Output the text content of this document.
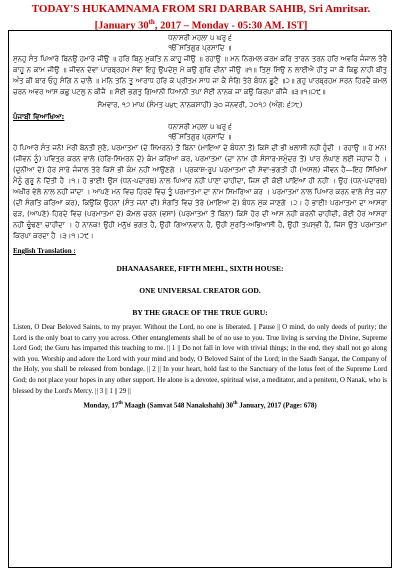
TODAY'S HUKAMNAMA FROM SRI DARBAR SAHIB, Sri Amritsar.
[January 30th, 2017 – Monday - 05:30 AM. IST]
ਧਨਾਸਰੀ ਮਹਲਾ ੫ ਘਰੁ ੬
ੴ ਸਤਿਗੁਰ ਪ੍ਰਸਾਦਿ ॥
ਸੁਨਹੁ ਸੰਤ ਪਿਆਰੇ ਬਿਨਉ ਹਮਾਰੇ ਜੀਉ ॥ ਹਰਿ ਬਿਨੁ ਮੁਕਤਿ ਨ ਕਾਹੂ ਜੀਉ ॥ ਰਹਾਉ ॥ ਮਨ ਨਿਰਮਲ ਕਰਮ ਕਰਿ ਤਾਰਨ ਤਰਨ ਹਰਿ ਅਵਰਿ ਜੰਜਾਲ ਤੇਰੈ ਕਾਹੂ ਨ ਕਾਮ ਜੀਉ ॥ ਜੀਵਨ ਦੇਵਾ ਪਾਰਬ੍ਰਹਮ ਸੇਵਾ ਇਹੁ ਉਪਦੇਸੁ ਮੋ ਕਉ ਗੁਰਿ ਦੀਨਾ ਜੀਉ ॥੧॥ ਤਿਸੁ ਸਿਉ ਨ ਲਾਈਐ ਹੀਤੁ ਜਾ ਕੋ ਕਿਛੁ ਨਾਹੀ ਬੀਤੁ ਅੰਤ ਕੀ ਬਾਰ ਓਹੁ ਸੰਗਿ ਨ ਚਾਲੈ ॥ ਮਨਿ ਤਨਿ ਤੂ ਆਰਾਧ ਹਰਿ ਕੇ ਪ੍ਰੀਤਮ ਸਾਧ ਜਾ ਕੈ ਸੰਗਿ ਤੇਰੇ ਬੰਧਨ ਛੂਟੈ ॥੨॥ ਗਹੁ ਪਾਰਬ੍ਰਹਮ ਸਰਨ ਹਿਰਦੈ ਕਮਲ ਚਰਨ ਅਵਰ ਆਸ ਕਛੁ ਪਟਲੁ ਨ ਕੀਜੈ ॥ ਸੋਈ ਭਗਤੁ ਗਿਆਨੀ ਧਿਆਨੀ ਤਪਾ ਸੋਈ ਨਾਨਕ ਜਾ ਕਉ ਕਿਰਪਾ ਕੀਜੈ ॥੩॥੧॥੨੯॥
ਸੋਮਵਾਰ, ੧੭ ਮਾਘ (ਸੰਮਤ ੫੪੮ ਨਾਨਕਸ਼ਾਹੀ) ੩੦ ਜਨਵਰੀ, ੨੦੧੭ (ਅੰਗ: ੬੭੮)
ਪੰਜਾਬੀ ਵਿਆਖਿਆ:
ਧਨਾਸਰੀ ਮਹਲਾ ੫ ਘਰੁ ੬
ੴ ਸਤਿਗੁਰ ਪ੍ਰਸਾਦਿ ॥
ਹੇ ਪਿਆਰੇ ਸੰਤ ਜਨੋ! ਮੇਰੀ ਬੇਨਤੀ ਸੁਣੋ, ਪਰਮਾਤਮਾ (ਦੇ ਸਿਮਰਨ) ਤੋਂ ਬਿਨਾ (ਮਾਇਆ ਦੇ ਬੰਧਨਾਂ ਤੋਂ) ਕਿਸੇ ਦੀ ਭੀ ਖ਼ਲਾਸੀ ਨਹੀਂ ਹੁੰਦੀ । ਰਹਾਉ ॥ ਹੇ ਮਨ! (ਜੀਵਨ ਨੂੰ) ਪਵਿਤ੍ਰ ਕਰਨ ਵਾਲੇ (ਹਰਿ-ਸਿਮਰਨ ਦੇ) ਕੰਮ ਕਰਿਆ ਕਰ, ਪਰਮਾਤਮਾ (ਦਾ ਨਾਮ ਹੀ ਸੰਸਾਰ-ਸਮੁੰਦਰ ਤੋਂ) ਪਾਰ ਲੰਘਾਣ ਲਈ ਜਹਾਜ਼ ਹੈ । (ਦੁਨੀਆ ਦੇ) ਹੋਰ ਸਾਰੇ ਜੰਜਾਲ ਤੇਰੇ ਕਿਸੇ ਭੀ ਕੰਮ ਨਹੀਂ ਆਉਣਗੇ । ਪ੍ਰਕਾਸ਼-ਰੂਪ ਪਰਮਾਤਮਾ ਦੀ ਸੇਵਾ-ਭਗਤੀ ਹੀ (ਅਸਲ) ਜੀਵਨ ਹੈ—ਇਹ ਸਿੱਖਿਆ ਮੈਨੂੰ ਗੁਰੂ ਨੇ ਦਿੱਤੀ ਹੈ ।੧। ਹੇ ਭਾਈ! ਉਸ (ਧਨ-ਪਦਾਰਥ) ਨਾਲ ਪਿਆਰ ਨਹੀਂ ਪਾਣਾ ਚਾਹੀਦਾ, ਜਿਸ ਦੀ ਕੋਈ ਪਾਂਇਆਂ ਹੀ ਨਹੀਂ । ਉਹ (ਧਨ-ਪਦਾਰਥ) ਅਖ਼ੀਰ ਵੇਲੇ ਨਾਲ ਨਹੀਂ ਜਾਂਦਾ । ਆਪਣੇ ਮਨ ਵਿਚ ਹਿਰਦੇ ਵਿਚ ਤੂੰ ਪਰਮਾਤਮਾ ਦਾ ਨਾਮ ਸਿਮਰਿਆ ਕਰ । ਪਰਮਾਤਮਾ ਨਾਲ ਪਿਆਰ ਕਰਨ ਵਾਲੇ ਸੰਤ ਜਨਾਂ (ਦੀ ਸੰਗਤਿ ਕਰਿਆ ਕਰ), ਕਿਉਂਕਿ ਉਹਨਾਂ (ਸੰਤ ਜਨਾਂ ਦੀ) ਸੰਗਤਿ ਵਿਚ ਤੇਰੇ (ਮਾਇਆ ਦੇ) ਬੰਧਨ ਮੁੱਕ ਜਾਣਗੇ ।੨। ਹੇ ਭਾਈ! ਪਰਮਾਤਮਾ ਦਾ ਆਸਰਾ ਫੜ, (ਆਪਣੇ) ਹਿਰਦੇ ਵਿਚ (ਪਰਮਾਤਮਾ ਦੇ) ਕੋਮਲ ਚਰਨ (ਵਸਾ) (ਪਰਮਾਤਮਾ ਤੋਂ ਬਿਨਾ) ਕਿਸੇ ਹੋਰ ਦੀ ਆਸ ਨਹੀਂ ਕਰਨੀ ਚਾਹੀਦੀ, ਕੋਈ ਹੋਰ ਆਸਰਾ ਨਹੀਂ ਢੂੰਢਣਾ ਚਾਹੀਦਾ । ਹੇ ਨਾਨਕ! ਉਹੀ ਮਨੁੱਖ ਭਗਤ ਹੈ, ਉਹੀ ਗਿਆਨਵਾਨ ਹੈ, ਉਹੀ ਸੁਰਤਿ-ਅਭਿਆਸੀ ਹੈ, ਉਹੀ ਤਪਸ੍ਵੀ ਹੈ, ਜਿਸ ਉਤੇ ਪਰਮਾਤਮਾ ਕਿਰਪਾ ਕਰਦਾ ਹੈ ।੩।੧।੨੯।
English Translation :
DHANAASAREE, FIFTH MEHL, SIXTH HOUSE:
ONE UNIVERSAL CREATOR GOD.
BY THE GRACE OF THE TRUE GURU:
Listen, O Dear Beloved Saints, to my prayer. Without the Lord, no one is liberated. || Pause || O mind, do only deeds of purity; the Lord is the only boat to carry you across. Other entanglements shall be of no use to you. True living is serving the Divine, Supreme Lord God; the Guru has imparted this teaching to me. || 1 || Do not fall in love with trivial things; in the end, they shall not go along with you. Worship and adore the Lord with your mind and body, O Beloved Saint of the Lord; in the Saadh Sangat, the Company of the Holy, you shall be released from bondage. || 2 || In your heart, hold fast to the Sanctuary of the lotus feet of the Supreme Lord God; do not place your hopes in any other support. He alone is a devotee, spiritual wise, a meditator, and a penitent, O Nanak, who is blessed by the Lord's Mercy. || 3 || 1 || 29 ||
Monday, 17th Maagh (Samvat 548 Nanakshahi) 30th January, 2017 (Page: 678)
